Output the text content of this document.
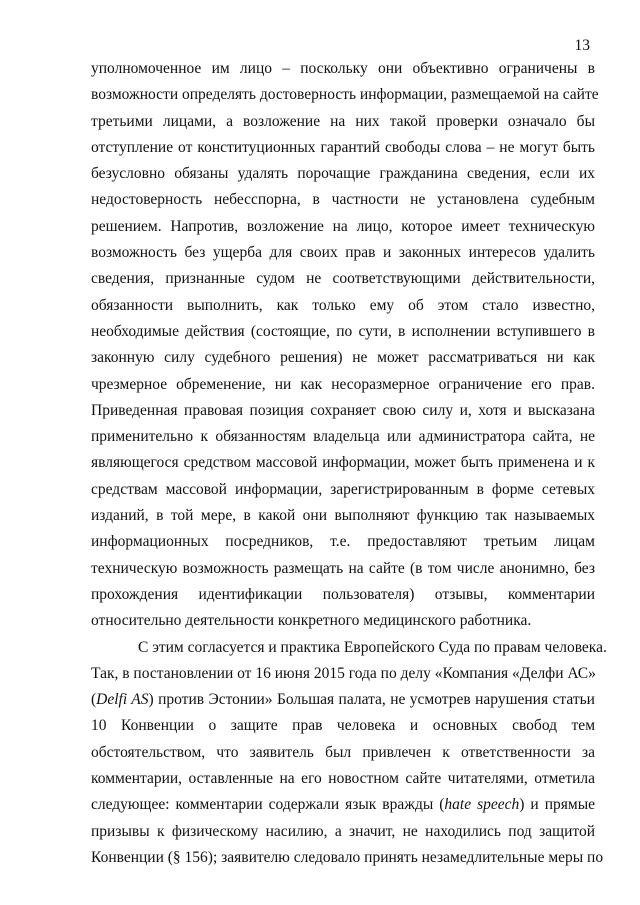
13
уполномоченное им лицо – поскольку они объективно ограничены в
возможности определять достоверность информации, размещаемой на сайте
третьими лицами, а возложение на них такой проверки означало бы
отступление от конституционных гарантий свободы слова – не могут быть
безусловно обязаны удалять порочащие гражданина сведения, если их
недостоверность небесспорна, в частности не установлена судебным
решением. Напротив, возложение на лицо, которое имеет техническую
возможность без ущерба для своих прав и законных интересов удалить
сведения, признанные судом не соответствующими действительности,
обязанности выполнить, как только ему об этом стало известно,
необходимые действия (состоящие, по сути, в исполнении вступившего в
законную силу судебного решения) не может рассматриваться ни как
чрезмерное обременение, ни как несоразмерное ограничение его прав.
Приведенная правовая позиция сохраняет свою силу и, хотя и высказана
применительно к обязанностям владельца или администратора сайта, не
являющегося средством массовой информации, может быть применена и к
средствам массовой информации, зарегистрированным в форме сетевых
изданий, в той мере, в какой они выполняют функцию так называемых
информационных посредников, т.е. предоставляют третьим лицам
техническую возможность размещать на сайте (в том числе анонимно, без
прохождения идентификации пользователя) отзывы, комментарии
относительно деятельности конкретного медицинского работника.
С этим согласуется и практика Европейского Суда по правам человека.
Так, в постановлении от 16 июня 2015 года по делу «Компания «Делфи АС»
(Delfi AS) против Эстонии» Большая палата, не усмотрев нарушения статьи
10 Конвенции о защите прав человека и основных свобод тем
обстоятельством, что заявитель был привлечен к ответственности за
комментарии, оставленные на его новостном сайте читателями, отметила
следующее: комментарии содержали язык вражды (hate speech) и прямые
призывы к физическому насилию, а значит, не находились под защитой
Конвенции (§ 156); заявителю следовало принять незамедлительные меры по
